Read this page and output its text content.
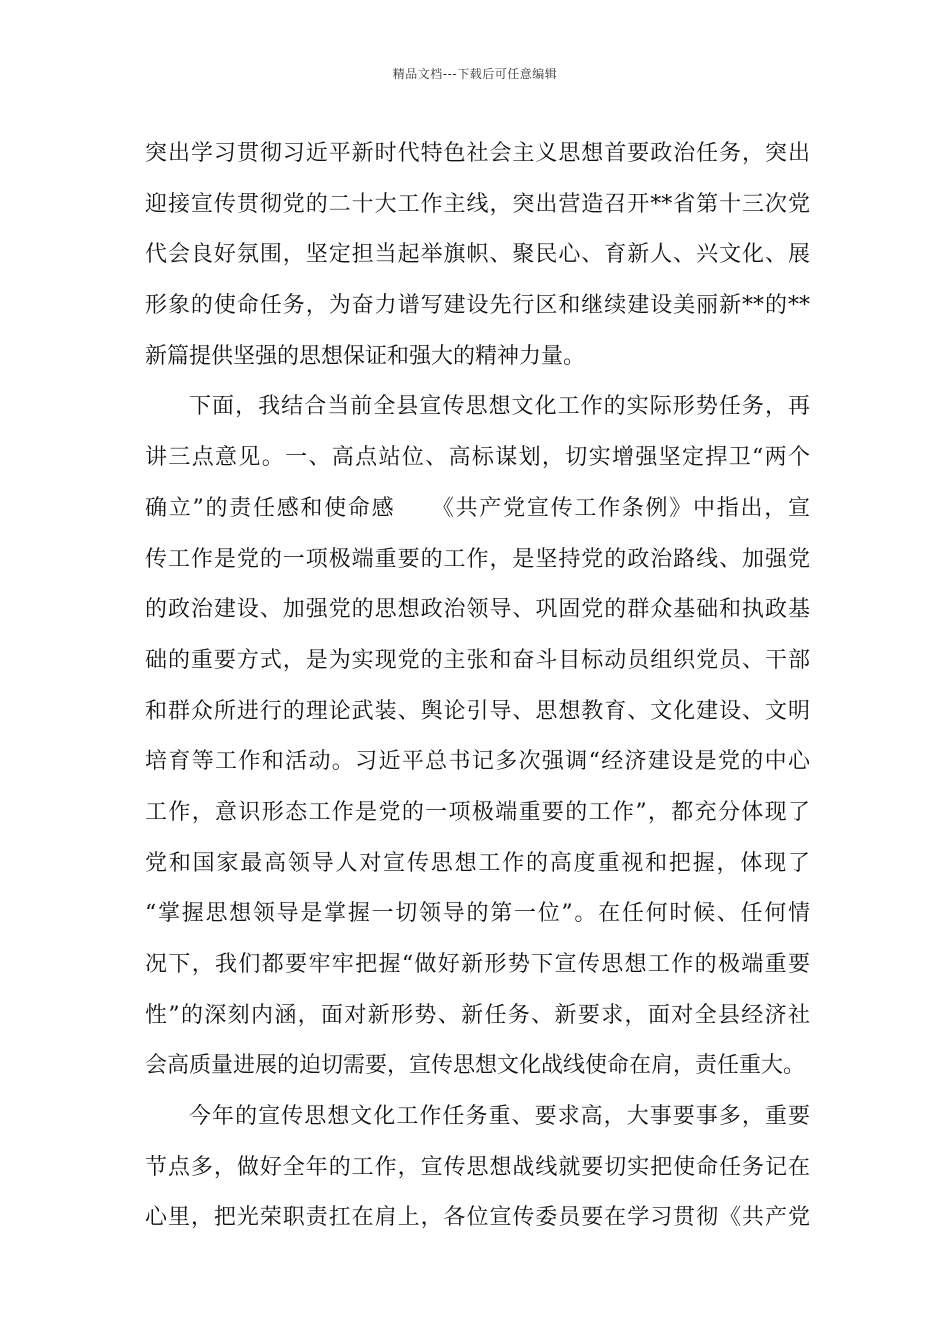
精品文档---下载后可任意编辑
突出学习贯彻习近平新时代特色社会主义思想首要政治任务，突出
迎接宣传贯彻党的二十大工作主线，突出营造召开**省第十三次党
代会良好氛围，坚定担当起举旗帜、聚民心、育新人、兴文化、展
形象的使命任务，为奋力谱写建设先行区和继续建设美丽新**的**
新篇提供坚强的思想保证和强大的精神力量。
下面，我结合当前全县宣传思想文化工作的实际形势任务，再
讲三点意见。一、高点站位、高标谋划，切实增强坚定捍卫“两个
确立”的责任感和使命感　　《共产党宣传工作条例》中指出，宣
传工作是党的一项极端重要的工作，是坚持党的政治路线、加强党
的政治建设、加强党的思想政治领导、巩固党的群众基础和执政基
础的重要方式，是为实现党的主张和奋斗目标动员组织党员、干部
和群众所进行的理论武装、舆论引导、思想教育、文化建设、文明
培育等工作和活动。习近平总书记多次强调“经济建设是党的中心
工作，意识形态工作是党的一项极端重要的工作”，都充分体现了
党和国家最高领导人对宣传思想工作的高度重视和把握，体现了
“掌握思想领导是掌握一切领导的第一位”。在任何时候、任何情
况下，我们都要牢牢把握“做好新形势下宣传思想工作的极端重要
性”的深刻内涵，面对新形势、新任务、新要求，面对全县经济社
会高质量进展的迫切需要，宣传思想文化战线使命在肩，责任重大。
今年的宣传思想文化工作任务重、要求高，大事要事多，重要
节点多，做好全年的工作，宣传思想战线就要切实把使命任务记在
心里，把光荣职责扛在肩上，各位宣传委员要在学习贯彻《共产党
